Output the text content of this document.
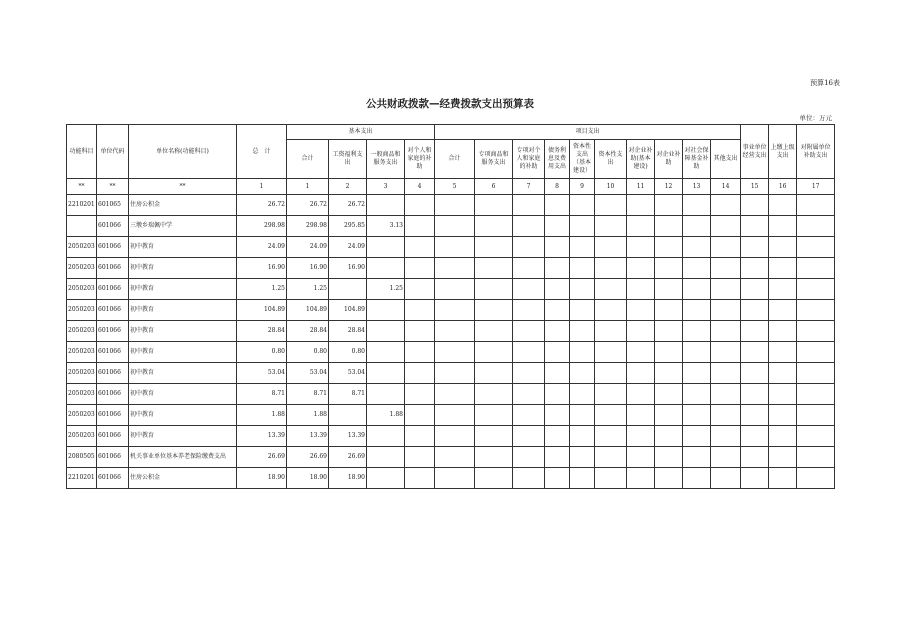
预算16表
公共财政拨款—经费拨款支出预算表
单位：万元
功能科目	单位代码	单位名称(功能科目)	总　计	基本支出				项目支出										事业单位经营支出	上缴上级支出	对附属单位补助支出
				合计	工资福利支出	一般商品和服务支出	对个人和家庭的补助	合计	专项商品和服务支出	专项对个人和家庭的补助	债务利息及费用支出	资本性支出（基本建设）	资本性支出	对企业补助(基本建设)	对企业补助	对社会保障基金补助	其他支出			
**	**	**	1	1	2	3	4	5	6	7	8	9	10	11	12	13	14	15	16	17
2210201	601065	住房公积金	26.72	26.72	26.72															
	601066	三墩乡瑞佩中学	298.98	298.98	295.85	3.13														
2050203	601066	初中教育	24.09	24.09	24.09															
2050203	601066	初中教育	16.90	16.90	16.90															
2050203	601066	初中教育	1.25	1.25		1.25														
2050203	601066	初中教育	104.89	104.89	104.89															
2050203	601066	初中教育	28.84	28.84	28.84															
2050203	601066	初中教育	0.80	0.80	0.80															
2050203	601066	初中教育	53.04	53.04	53.04															
2050203	601066	初中教育	8.71	8.71	8.71															
2050203	601066	初中教育	1.88	1.88		1.88														
2050203	601066	初中教育	13.39	13.39	13.39															
2080505	601066	机关事业单位基本养老保险缴费支出	26.69	26.69	26.69															
2210201	601066	住房公积金	18.90	18.90	18.90															
